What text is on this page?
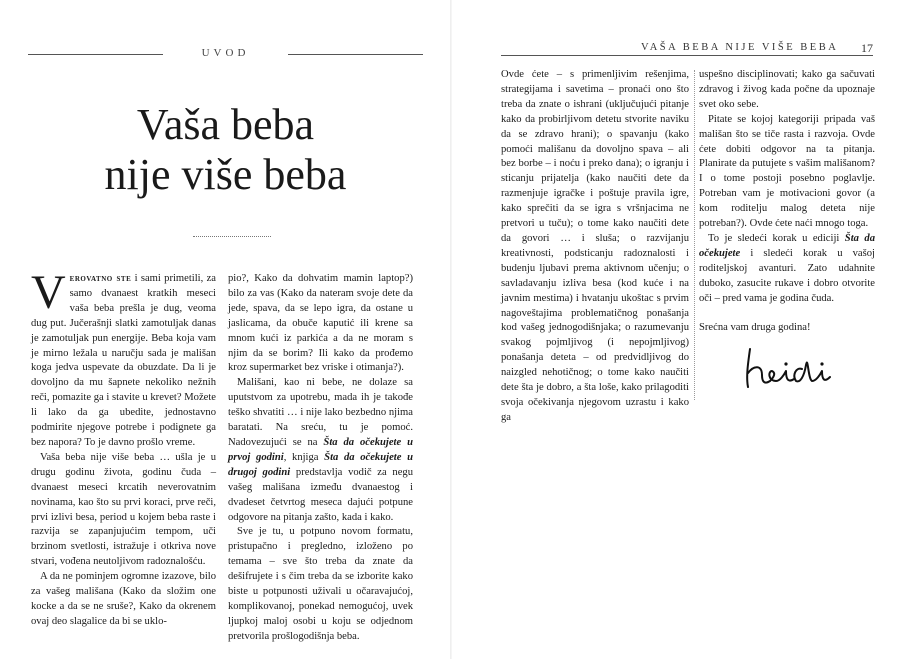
UVOD
Vaša beba
nije više beba

Verovatno ste i sami primetili, za samo dvanaest kratkih meseci vaša beba prešla je dug, veoma dug put. Jučerašnji slatki zamotuljak danas je zamotuljak pun energije. Beba koja vam je mirno ležala u naručju sada je mališan koga jedva uspevate da obuzdate. Da li je dovoljno da mu šapnete nekoliko nežnih reči, pomazite ga i stavite u krevet? Možete li lako da ga ubedite, jednostavno podmirite njegove potrebe i podignete ga bez napora? To je davno prošlo vreme.

Vaša beba nije više beba … ušla je u drugu godinu života, godinu čuda – dvanaest meseci krcatih neverovatnim novinama, kao što su prvi koraci, prve reči, prvi izlivi besa, period u kojem beba raste i razvija se zapanjujućim tempom, uči brzinom svetlosti, istražuje i otkriva nove stvari, vođena neutoljivom radoznalošću.

A da ne pominjem ogromne izazove, bilo za vašeg mališana (Kako da složim one kocke a da se ne sruše?, Kako da okrenem ovaj deo slagalice da bi se uklo-

pio?, Kako da dohvatim mamin laptop?) bilo za vas (Kako da nateram svoje dete da jede, spava, da se lepo igra, da ostane u jaslicama, da obuče kaputić ili krene sa mnom kući iz parkića a da ne moram s njim da se borim? Ili kako da prođemo kroz supermarket bez vriske i otimanja?).

Mališani, kao ni bebe, ne dolaze sa uputstvom za upotrebu, mada ih je takođe teško shvatiti … i nije lako bezbedno njima baratati. Na sreću, tu je pomoć. Nadovezujući se na Šta da očekujete u prvoj godini, knjiga Šta da očekujete u drugoj godini predstavlja vodič za negu vašeg mališana između dvanaestog i dvadeset četvrtog meseca dajući potpune odgovore na pitanja zašto, kada i kako.

Sve je tu, u potpuno novom formatu, pristupačno i pregledno, izloženo po temama – sve što treba da znate da dešifrujete i s čim treba da se izborite kako biste u potpunosti uživali u očaravajućoj, komplikovanoj, ponekad nemogućoj, uvek ljupkoj maloj osobi u koju se odjednom pretvorila prošlogodišnja beba.

VAŠA BEBA NIJE VIŠE BEBA 17

Ovde ćete – s primenljivim rešenjima, strategijama i savetima – pronaći ono što treba da znate o ishrani (uključujući pitanje kako da probirljivom detetu stvorite naviku da se zdravo hrani); o spavanju (kako pomoći mališanu da dovoljno spava – ali bez borbe – i noću i preko dana); o igranju i sticanju prijatelja (kako naučiti dete da razmenjuje igračke i poštuje pravila igre, kako sprečiti da se igra s vršnjacima ne pretvori u tuču); o tome kako naučiti dete da govori … i sluša; o razvijanju kreativnosti, podsticanju radoznalosti i budenju ljubavi prema aktivnom učenju; o savladavanju izliva besa (kod kuće i na javnim mestima) i hvatanju ukoštac s prvim nagoveštajima problematičnog ponašanja kod vašeg jednogodišnjaka; o razumevanju svakog pojmljivog (i nepojmljivog) ponašanja deteta – od predvidljivog do naizgled nehotičnog; o tome kako naučiti dete šta je dobro, a šta loše, kako prilagoditi svoja očekivanja njegovom uzrastu i kako ga

uspešno disciplinovati; kako ga sačuvati zdravog i živog kada počne da upoznaje svet oko sebe.

Pitate se kojoj kategoriji pripada vaš mališan što se tiče rasta i razvoja. Ovde ćete dobiti odgovor na ta pitanja. Planirate da putujete s vašim mališanom? I o tome postoji posebno poglavlje. Potreban vam je motivacioni govor (a kom roditelju malog deteta nije potreban?). Ovde ćete naći mnogo toga.

To je sledeći korak u ediciji Šta da očekujete i sledeći korak u vašoj roditeljskoj avanturi. Zato udahnite duboko, zasucite rukave i dobro otvorite oči – pred vama je godina čuda.

Srećna vam druga godina!
